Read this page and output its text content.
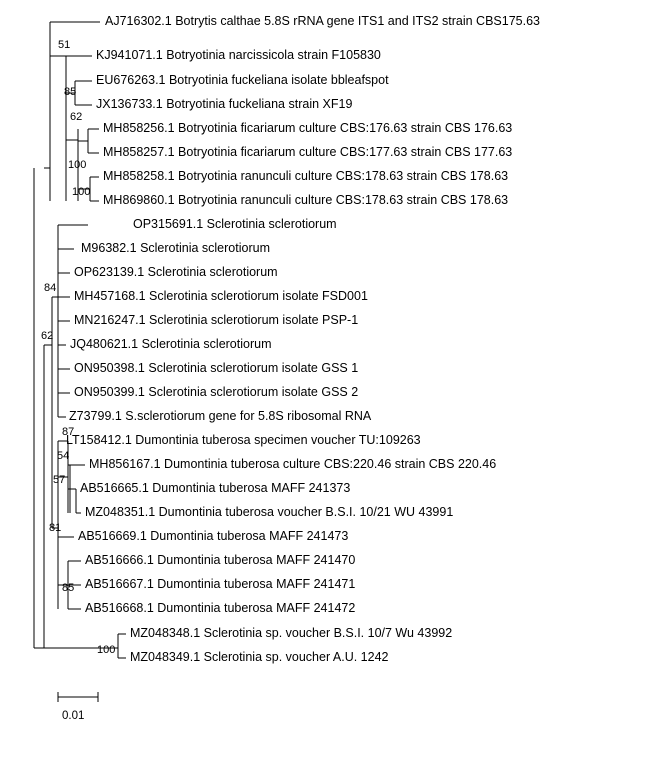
AJ716302.1 Botrytis calthae 5.8S rRNA gene ITS1 and ITS2 strain CBS175.63
KJ941071.1 Botryotinia narcissicola strain F105830
EU676263.1 Botryotinia fuckeliana isolate bbleafspot
JX136733.1 Botryotinia fuckeliana strain XF19
MH858256.1 Botryotinia ficariarum culture CBS:176.63 strain CBS 176.63
MH858257.1 Botryotinia ficariarum culture CBS:177.63 strain CBS 177.63
MH858258.1 Botryotinia ranunculi culture CBS:178.63 strain CBS 178.63
MH869860.1 Botryotinia ranunculi culture CBS:178.63 strain CBS 178.63
OP315691.1 Sclerotinia sclerotiorum
M96382.1 Sclerotinia sclerotiorum
OP623139.1 Sclerotinia sclerotiorum
MH457168.1 Sclerotinia sclerotiorum isolate FSD001
MN216247.1 Sclerotinia sclerotiorum isolate PSP-1
JQ480621.1 Sclerotinia sclerotiorum
ON950398.1 Sclerotinia sclerotiorum isolate GSS 1
ON950399.1 Sclerotinia sclerotiorum isolate GSS 2
Z73799.1 S.sclerotiorum gene for 5.8S ribosomal RNA
LT158412.1 Dumontinia tuberosa specimen voucher TU:109263
MH856167.1 Dumontinia tuberosa culture CBS:220.46 strain CBS 220.46
AB516665.1 Dumontinia tuberosa MAFF 241373
MZ048351.1 Dumontinia tuberosa voucher B.S.I. 10/21 WU 43991
AB516669.1 Dumontinia tuberosa MAFF 241473
AB516666.1 Dumontinia tuberosa MAFF 241470
AB516667.1 Dumontinia tuberosa MAFF 241471
AB516668.1 Dumontinia tuberosa MAFF 241472
MZ048348.1 Sclerotinia sp. voucher B.S.I. 10/7 Wu 43992
MZ048349.1 Sclerotinia sp. voucher A.U. 1242
51
85
62
100
100
84
62
87
54
57
81
85
100
0.01
